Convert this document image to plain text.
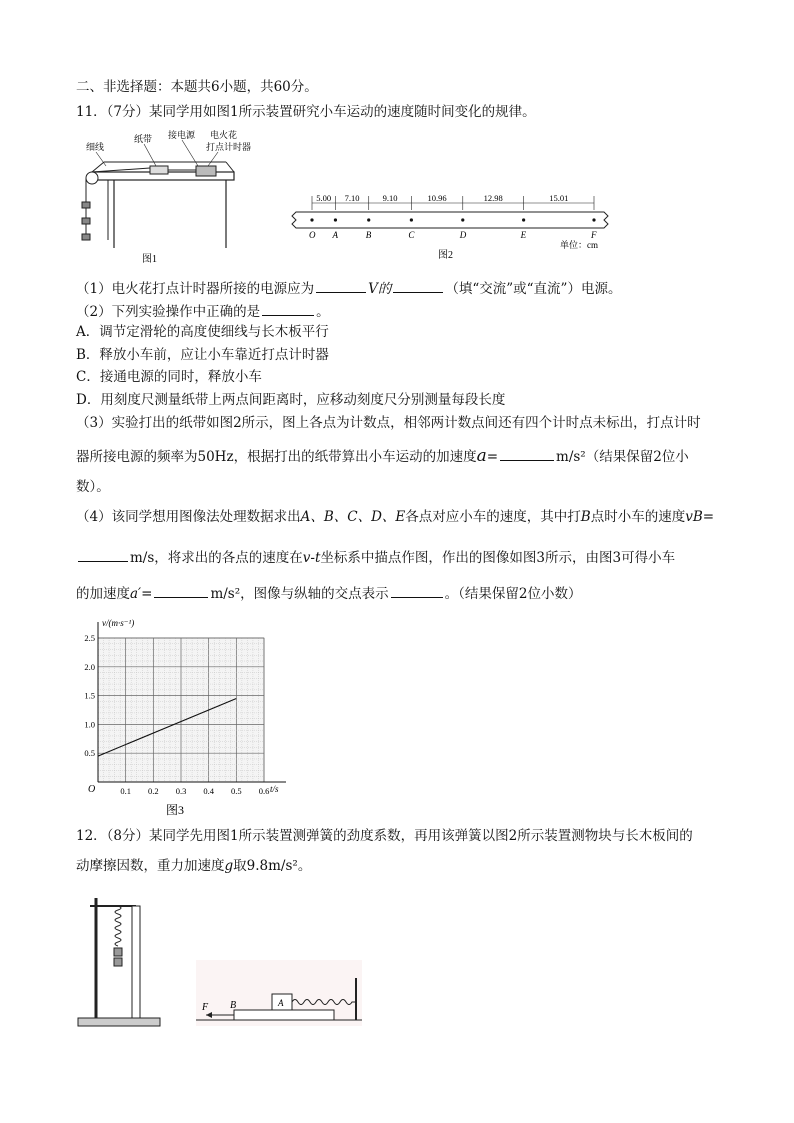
二、非选择题：本题共6小题，共60分。
11．（7分）某同学用如图1所示装置研究小车运动的速度随时间变化的规律。
细线
纸带 接电源 电火花
打点计时器
图1
O A	B	C	D	E	F
5.00 7.10	9.10	10.96	12.98	15.01
单位：cm
图2
（1）电火花打点计时器所接的电源应为	V的	（填“交流”或“直流”）电源。
（2）下列实验操作中正确的是	。
A．调节定滑轮的高度使细线与长木板平行
B．释放小车前，应让小车靠近打点计时器
C．接通电源的同时，释放小车
D．用刻度尺测量纸带上两点间距离时，应移动刻度尺分别测量每段长度
（3）实验打出的纸带如图2所示，图上各点为计数点，相邻两计数点间还有四个计时点未标出，打点计时
器所接电源的频率为50Hz，根据打出的纸带算出小车运动的加速度a=	m/s²（结果保留2位小
数）。
（4）该同学想用图像法处理数据求出A、B、C、D、E各点对应小车的速度，其中打B点时小车的速度vB=
m/s，将求出的各点的速度在v-t坐标系中描点作图，作出的图像如图3所示，由图3可得小车
的加速度a′=	m/s²，图像与纵轴的交点表示	。（结果保留2位小数）
0.1 0.2 0.3 0.4 0.5 0.6
0.5
1.0
1.5
2.0
2.5
v/(m·s⁻¹)
t/s
O
图3
12．（8分）某同学先用图1所示装置测弹簧的劲度系数，再用该弹簧以图2所示装置测物块与长木板间的
动摩擦因数，重力加速度g取9.8m/s²。
F B	A
